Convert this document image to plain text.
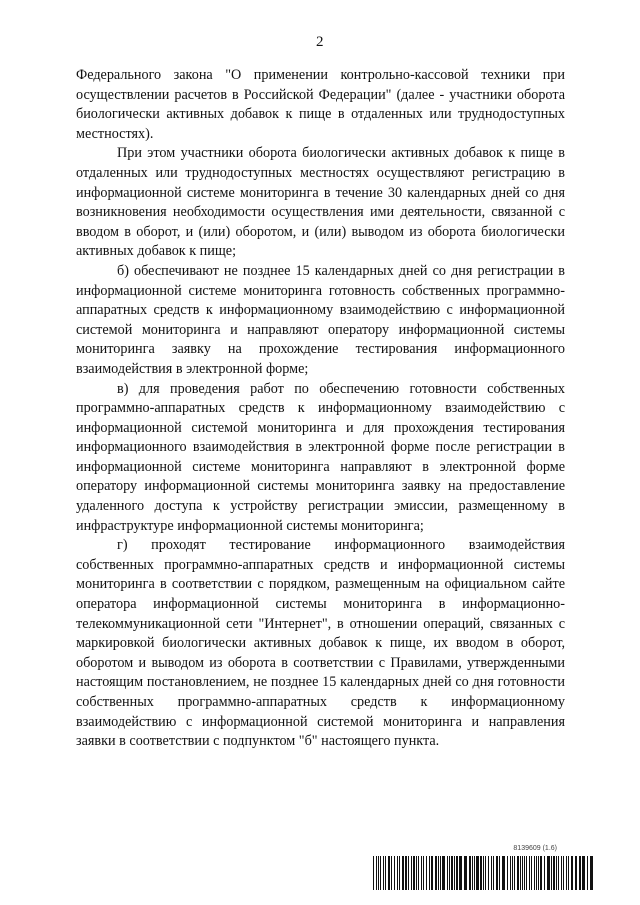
2

Федерального закона "О применении контрольно-кассовой техники при осуществлении расчетов в Российской Федерации" (далее - участники оборота биологически активных добавок к пище в отдаленных или труднодоступных местностях).

При этом участники оборота биологически активных добавок к пище в отдаленных или труднодоступных местностях осуществляют регистрацию в информационной системе мониторинга в течение 30 календарных дней со дня возникновения необходимости осуществления ими деятельности, связанной с вводом в оборот, и (или) оборотом, и (или) выводом из оборота биологически активных добавок к пище;

б) обеспечивают не позднее 15 календарных дней со дня регистрации в информационной системе мониторинга готовность собственных программно-аппаратных средств к информационному взаимодействию с информационной системой мониторинга и направляют оператору информационной системы мониторинга заявку на прохождение тестирования информационного взаимодействия в электронной форме;

в) для проведения работ по обеспечению готовности собственных программно-аппаратных средств к информационному взаимодействию с информационной системой мониторинга и для прохождения тестирования информационного взаимодействия в электронной форме после регистрации в информационной системе мониторинга направляют в электронной форме оператору информационной системы мониторинга заявку на предоставление удаленного доступа к устройству регистрации эмиссии, размещенному в инфраструктуре информационной системы мониторинга;

г) проходят тестирование информационного взаимодействия собственных программно-аппаратных средств и информационной системы мониторинга в соответствии с порядком, размещенным на официальном сайте оператора информационной системы мониторинга в информационно-телекоммуникационной сети "Интернет", в отношении операций, связанных с маркировкой биологически активных добавок к пище, их вводом в оборот, оборотом и выводом из оборота в соответствии с Правилами, утвержденными настоящим постановлением, не позднее 15 календарных дней со дня готовности собственных программно-аппаратных средств к информационному взаимодействию с информационной системой мониторинга и направления заявки в соответствии с подпунктом "б" настоящего пункта.

8139609 (1.6)
